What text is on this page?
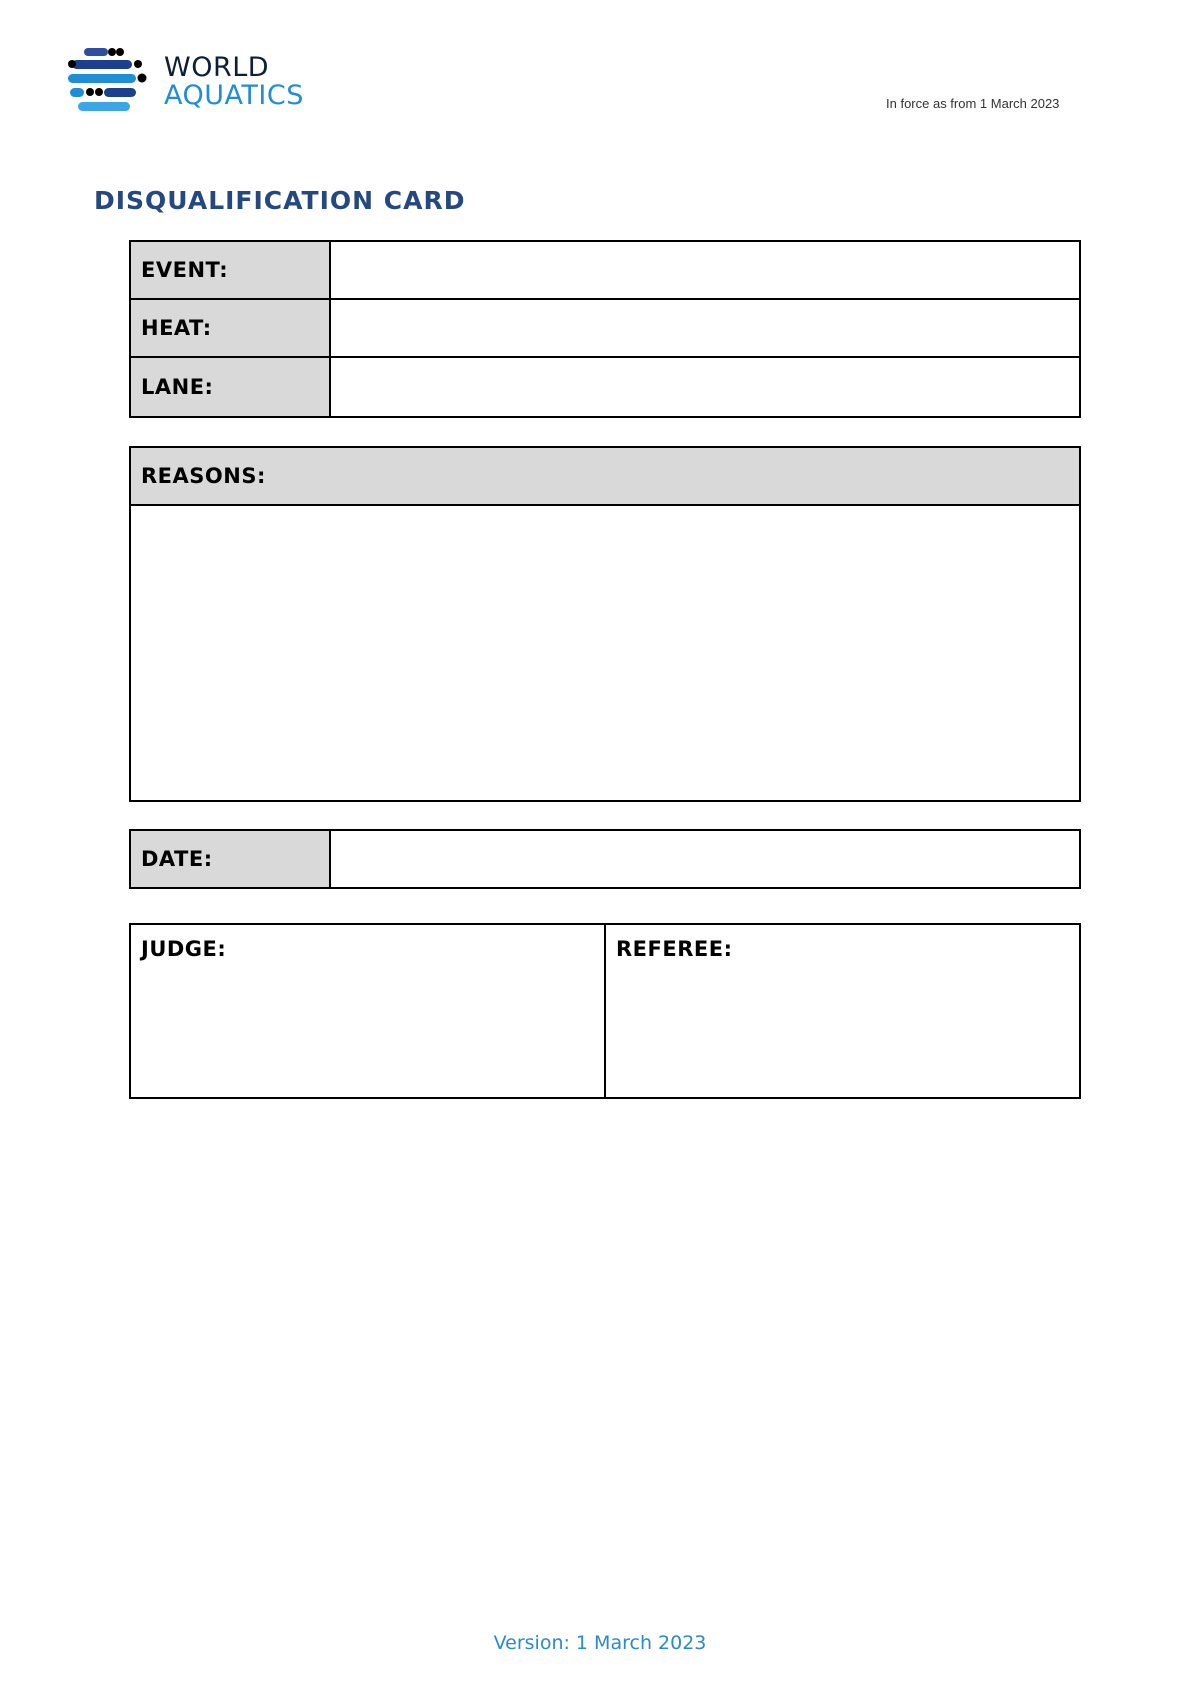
WORLD
AQUATICS	In force as from 1 March 2023
DISQUALIFICATION CARD
EVENT:
HEAT:
LANE:
REASONS:
DATE:
JUDGE:	REFEREE:
Version: 1 March 2023
